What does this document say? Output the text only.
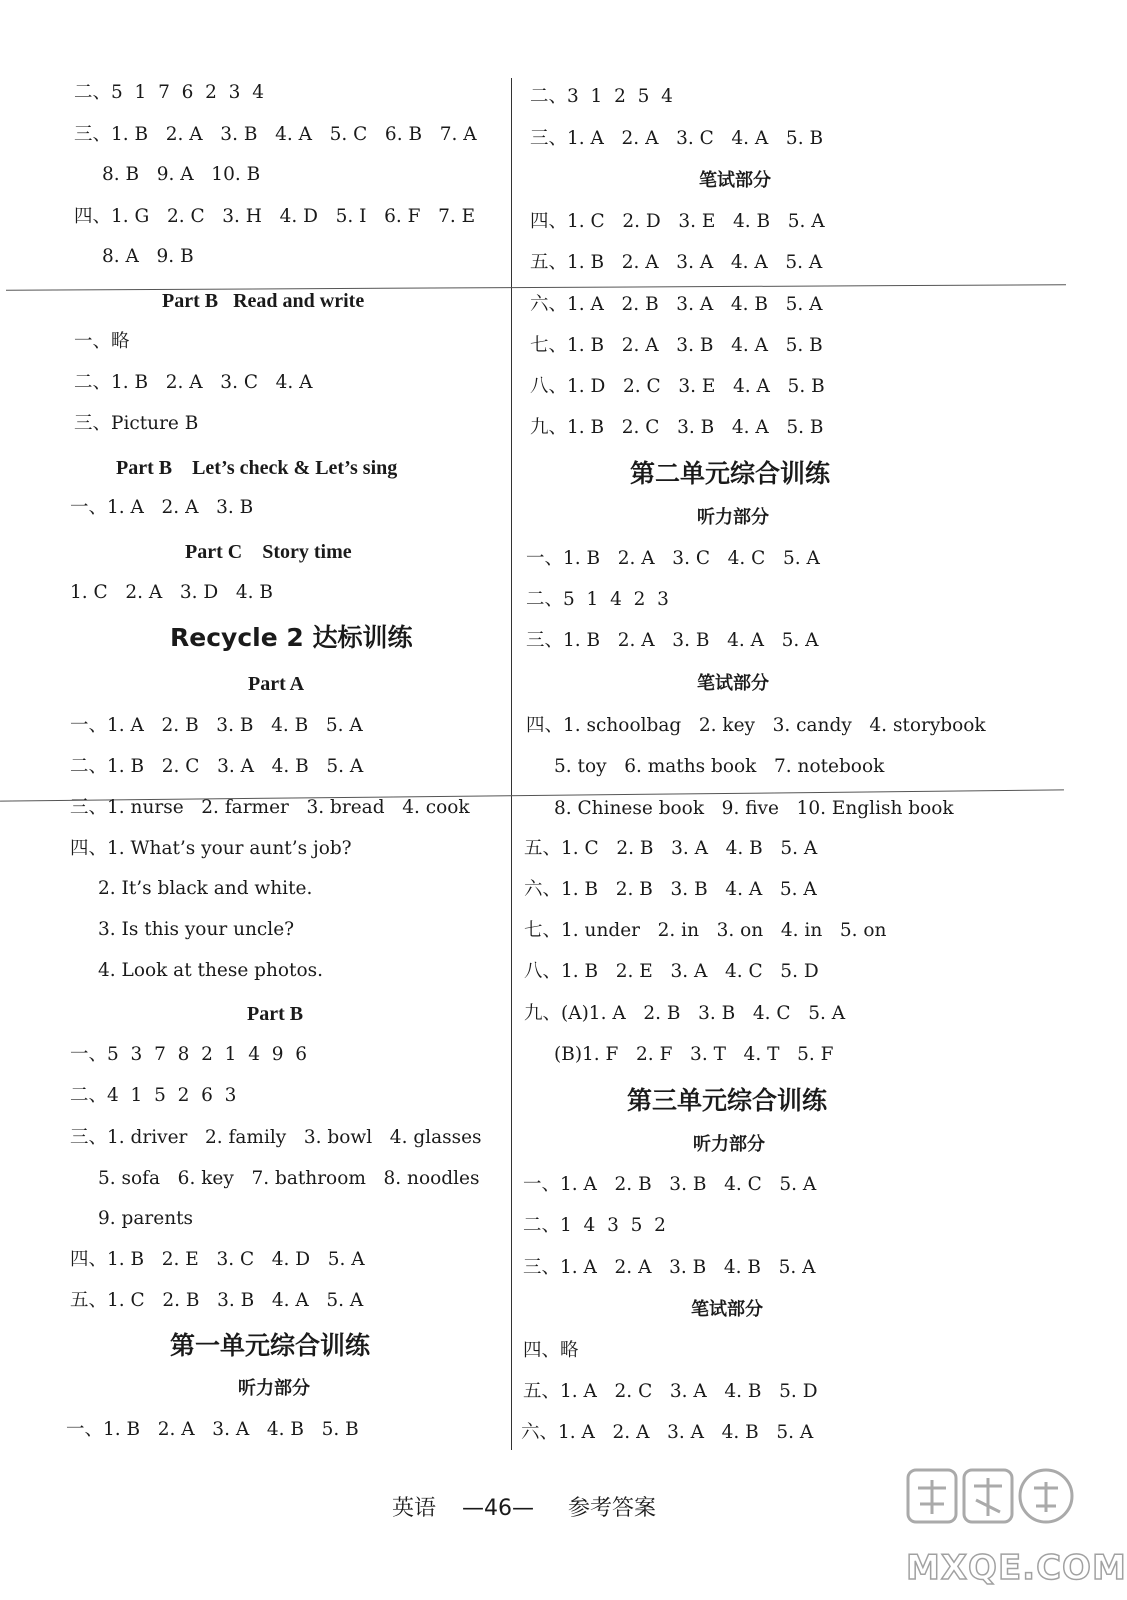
二、5  1  7  6  2  3  4
三、1. B   2. A   3. B   4. A   5. C   6. B   7. A
8. B   9. A   10. B
四、1. G   2. C   3. H   4. D   5. I   6. F   7. E
8. A   9. B
Part B   Read and write
一、略
二、1. B   2. A   3. C   4. A
三、Picture B
Part B    Let’s check & Let’s sing
一、1. A   2. A   3. B
Part C    Story time
1. C   2. A   3. D   4. B
Recycle 2 达标训练
Part A
一、1. A   2. B   3. B   4. B   5. A
二、1. B   2. C   3. A   4. B   5. A
三、1. nurse   2. farmer   3. bread   4. cook
四、1. What’s your aunt’s job?
2. It’s black and white.
3. Is this your uncle?
4. Look at these photos.
Part B
一、5  3  7  8  2  1  4  9  6
二、4  1  5  2  6  3
三、1. driver   2. family   3. bowl   4. glasses
5. sofa   6. key   7. bathroom   8. noodles
9. parents
四、1. B   2. E   3. C   4. D   5. A
五、1. C   2. B   3. B   4. A   5. A
第一单元综合训练
听力部分
一、1. B   2. A   3. A   4. B   5. B
二、3  1  2  5  4
三、1. A   2. A   3. C   4. A   5. B
笔试部分
四、1. C   2. D   3. E   4. B   5. A
五、1. B   2. A   3. A   4. A   5. A
六、1. A   2. B   3. A   4. B   5. A
七、1. B   2. A   3. B   4. A   5. B
八、1. D   2. C   3. E   4. A   5. B
九、1. B   2. C   3. B   4. A   5. B
第二单元综合训练
听力部分
一、1. B   2. A   3. C   4. C   5. A
二、5  1  4  2  3
三、1. B   2. A   3. B   4. A   5. A
笔试部分
四、1. schoolbag   2. key   3. candy   4. storybook
5. toy   6. maths book   7. notebook
8. Chinese book   9. five   10. English book
五、1. C   2. B   3. A   4. B   5. A
六、1. B   2. B   3. B   4. A   5. A
七、1. under   2. in   3. on   4. in   5. on
八、1. B   2. E   3. A   4. C   5. D
九、(A)1. A   2. B   3. B   4. C   5. A
(B)1. F   2. F   3. T   4. T   5. F
第三单元综合训练
听力部分
一、1. A   2. B   3. B   4. C   5. A
二、1  4  3  5  2
三、1. A   2. A   3. B   4. B   5. A
笔试部分
四、略
五、1. A   2. C   3. A   4. B   5. D
六、1. A   2. A   3. A   4. B   5. A
英语 —46— 参考答案
MXQE.COM
